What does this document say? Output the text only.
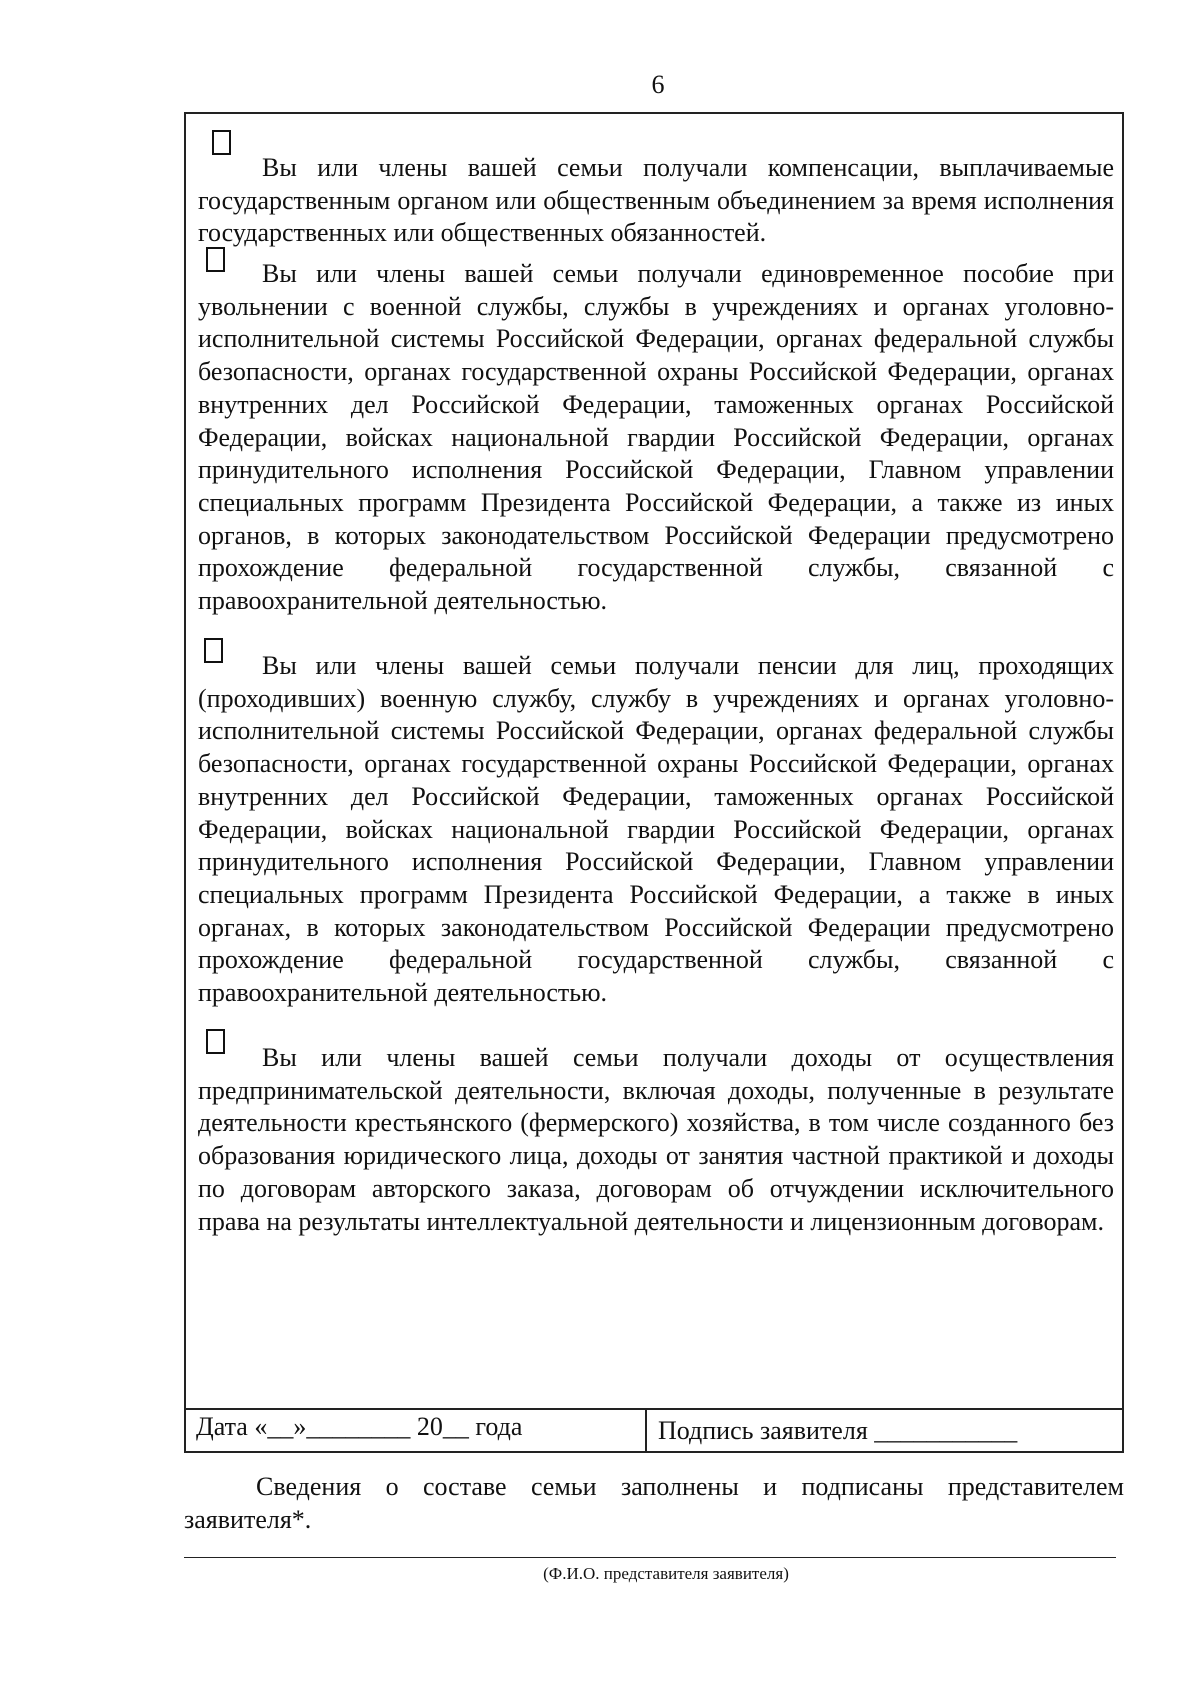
6

Вы или члены вашей семьи получали компенсации, выплачиваемые государственным органом или общественным объединением за время исполнения государственных или общественных обязанностей.

Вы или члены вашей семьи получали единовременное пособие при увольнении с военной службы, службы в учреждениях и органах уголовно-исполнительной системы Российской Федерации, органах федеральной службы безопасности, органах государственной охраны Российской Федерации, органах внутренних дел Российской Федерации, таможенных органах Российской Федерации, войсках национальной гвардии Российской Федерации, органах принудительного исполнения Российской Федерации, Главном управлении специальных программ Президента Российской Федерации, а также из иных органов, в которых законодательством Российской Федерации предусмотрено прохождение федеральной государственной службы, связанной с правоохранительной деятельностью.

Вы или члены вашей семьи получали пенсии для лиц, проходящих (проходивших) военную службу, службу в учреждениях и органах уголовно-исполнительной системы Российской Федерации, органах федеральной службы безопасности, органах государственной охраны Российской Федерации, органах внутренних дел Российской Федерации, таможенных органах Российской Федерации, войсках национальной гвардии Российской Федерации, органах принудительного исполнения Российской Федерации, Главном управлении специальных программ Президента Российской Федерации, а также в иных органах, в которых законодательством Российской Федерации предусмотрено прохождение федеральной государственной службы, связанной с правоохранительной деятельностью.

Вы или члены вашей семьи получали доходы от осуществления предпринимательской деятельности, включая доходы, полученные в результате деятельности крестьянского (фермерского) хозяйства, в том числе созданного без образования юридического лица, доходы от занятия частной практикой и доходы по договорам авторского заказа, договорам об отчуждении исключительного права на результаты интеллектуальной деятельности и лицензионным договорам.

Дата «__»________ 20__ года	Подпись заявителя ___________

Сведения о составе семьи заполнены и подписаны представителем заявителя*.

(Ф.И.О. представителя заявителя)
